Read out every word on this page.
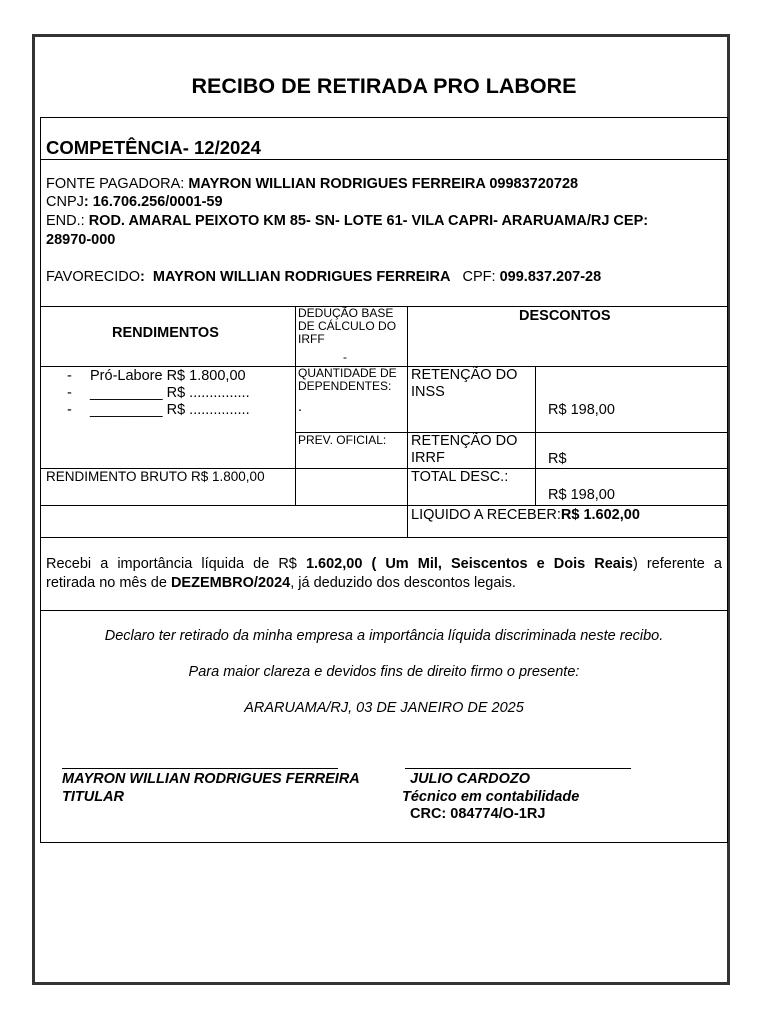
RECIBO DE RETIRADA PRO LABORE
COMPETÊNCIA- 12/2024
FONTE PAGADORA: MAYRON WILLIAN RODRIGUES FERREIRA 09983720728
CNPJ: 16.706.256/0001-59
END.: ROD. AMARAL PEIXOTO KM 85- SN- LOTE 61- VILA CAPRI- ARARUAMA/RJ CEP:
28970-000
FAVORECIDO: MAYRON WILLIAN RODRIGUES FERREIRA CPF: 099.837.207-28
RENDIMENTOS
DEDUÇÃO BASE DE CÁLCULO DO IRFF
-
DESCONTOS
- Pró-Labore R$ 1.800,00
- _________ R$ ...............
- _________ R$ ...............
QUANTIDADE DE DEPENDENTES:
.
RETENÇÃO DO INSS
R$ 198,00
PREV. OFICIAL: RETENÇÃO DO IRRF	R$
RENDIMENTO BRUTO R$ 1.800,00	TOTAL DESC.:
R$ 198,00
LIQUIDO A RECEBER:R$ 1.602,00
Recebi a importância líquida de R$ 1.602,00 ( Um Mil, Seiscentos e Dois Reais) referente a
retirada no mês de DEZEMBRO/2024, já deduzido dos descontos legais.
Declaro ter retirado da minha empresa a importância líquida discriminada neste recibo.
Para maior clareza e devidos fins de direito firmo o presente:
ARARUAMA/RJ, 03 DE JANEIRO DE 2025
MAYRON WILLIAN RODRIGUES FERREIRA
TITULAR
JULIO CARDOZO
Técnico em contabilidade
CRC: 084774/O-1RJ
